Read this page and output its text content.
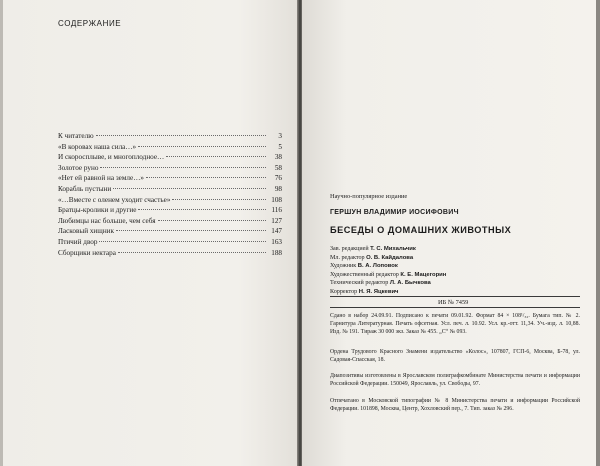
СОДЕРЖАНИЕ
К читателю	3
«В коровах наша сила…»	5
И скоросплыве, и многоплодное…	38
Золотое руно	58
«Нет ей равной на земле…»	76
Корабль пустыни	98
«…Вместе с оленем уходит счастье»	108
Братцы-кролики и другие	116
Любимцы нас больше, чем себя	127
Ласковый хищник	147
Птичий двор	163
Сборщики нектара	188
Научно-популярное издание
ГЕРШУН ВЛАДИМИР ИОСИФОВИЧ
БЕСЕДЫ О ДОМАШНИХ ЖИВОТНЫХ
Зав. редакцией Т. С. Михальчик
Мл. редактор О. В. Кайдалова
Художник В. А. Лоповок
Художественный редактор К. Е. Мацегорин
Технический редактор Л. А. Бычкова
Корректор Н. Я. Яцкевич
ИБ № 7459
Сдано в набор 24.09.91. Подписано к печати 09.01.92. Формат 84 × 108¹/₃₂. Бумага тип. № 2. Гарнитура Литературная. Печать офсетная. Усл. печ. л. 10.92. Усл. кр.-отт. 11,34. Уч.-изд. л. 10,88. Изд. № 191. Тираж 30 000 экз. Заказ № 455. „С“ № 093.
Ордена Трудового Красного Знамени издательство «Колос», 107807, ГСП-6, Москва, Б-78, ул. Садовая-Спасская, 18.
Диапозитивы изготовлены в Ярославском полиграфкомбинате Министерства печати и информации Российской Федерации. 150049, Ярославль, ул. Свободы, 97.
Отпечатано в Московской типографии № 8 Министерства печати и информации Российской Федерации. 101898, Москва, Центр, Хохловский пер., 7. Тип. заказ № 296.
